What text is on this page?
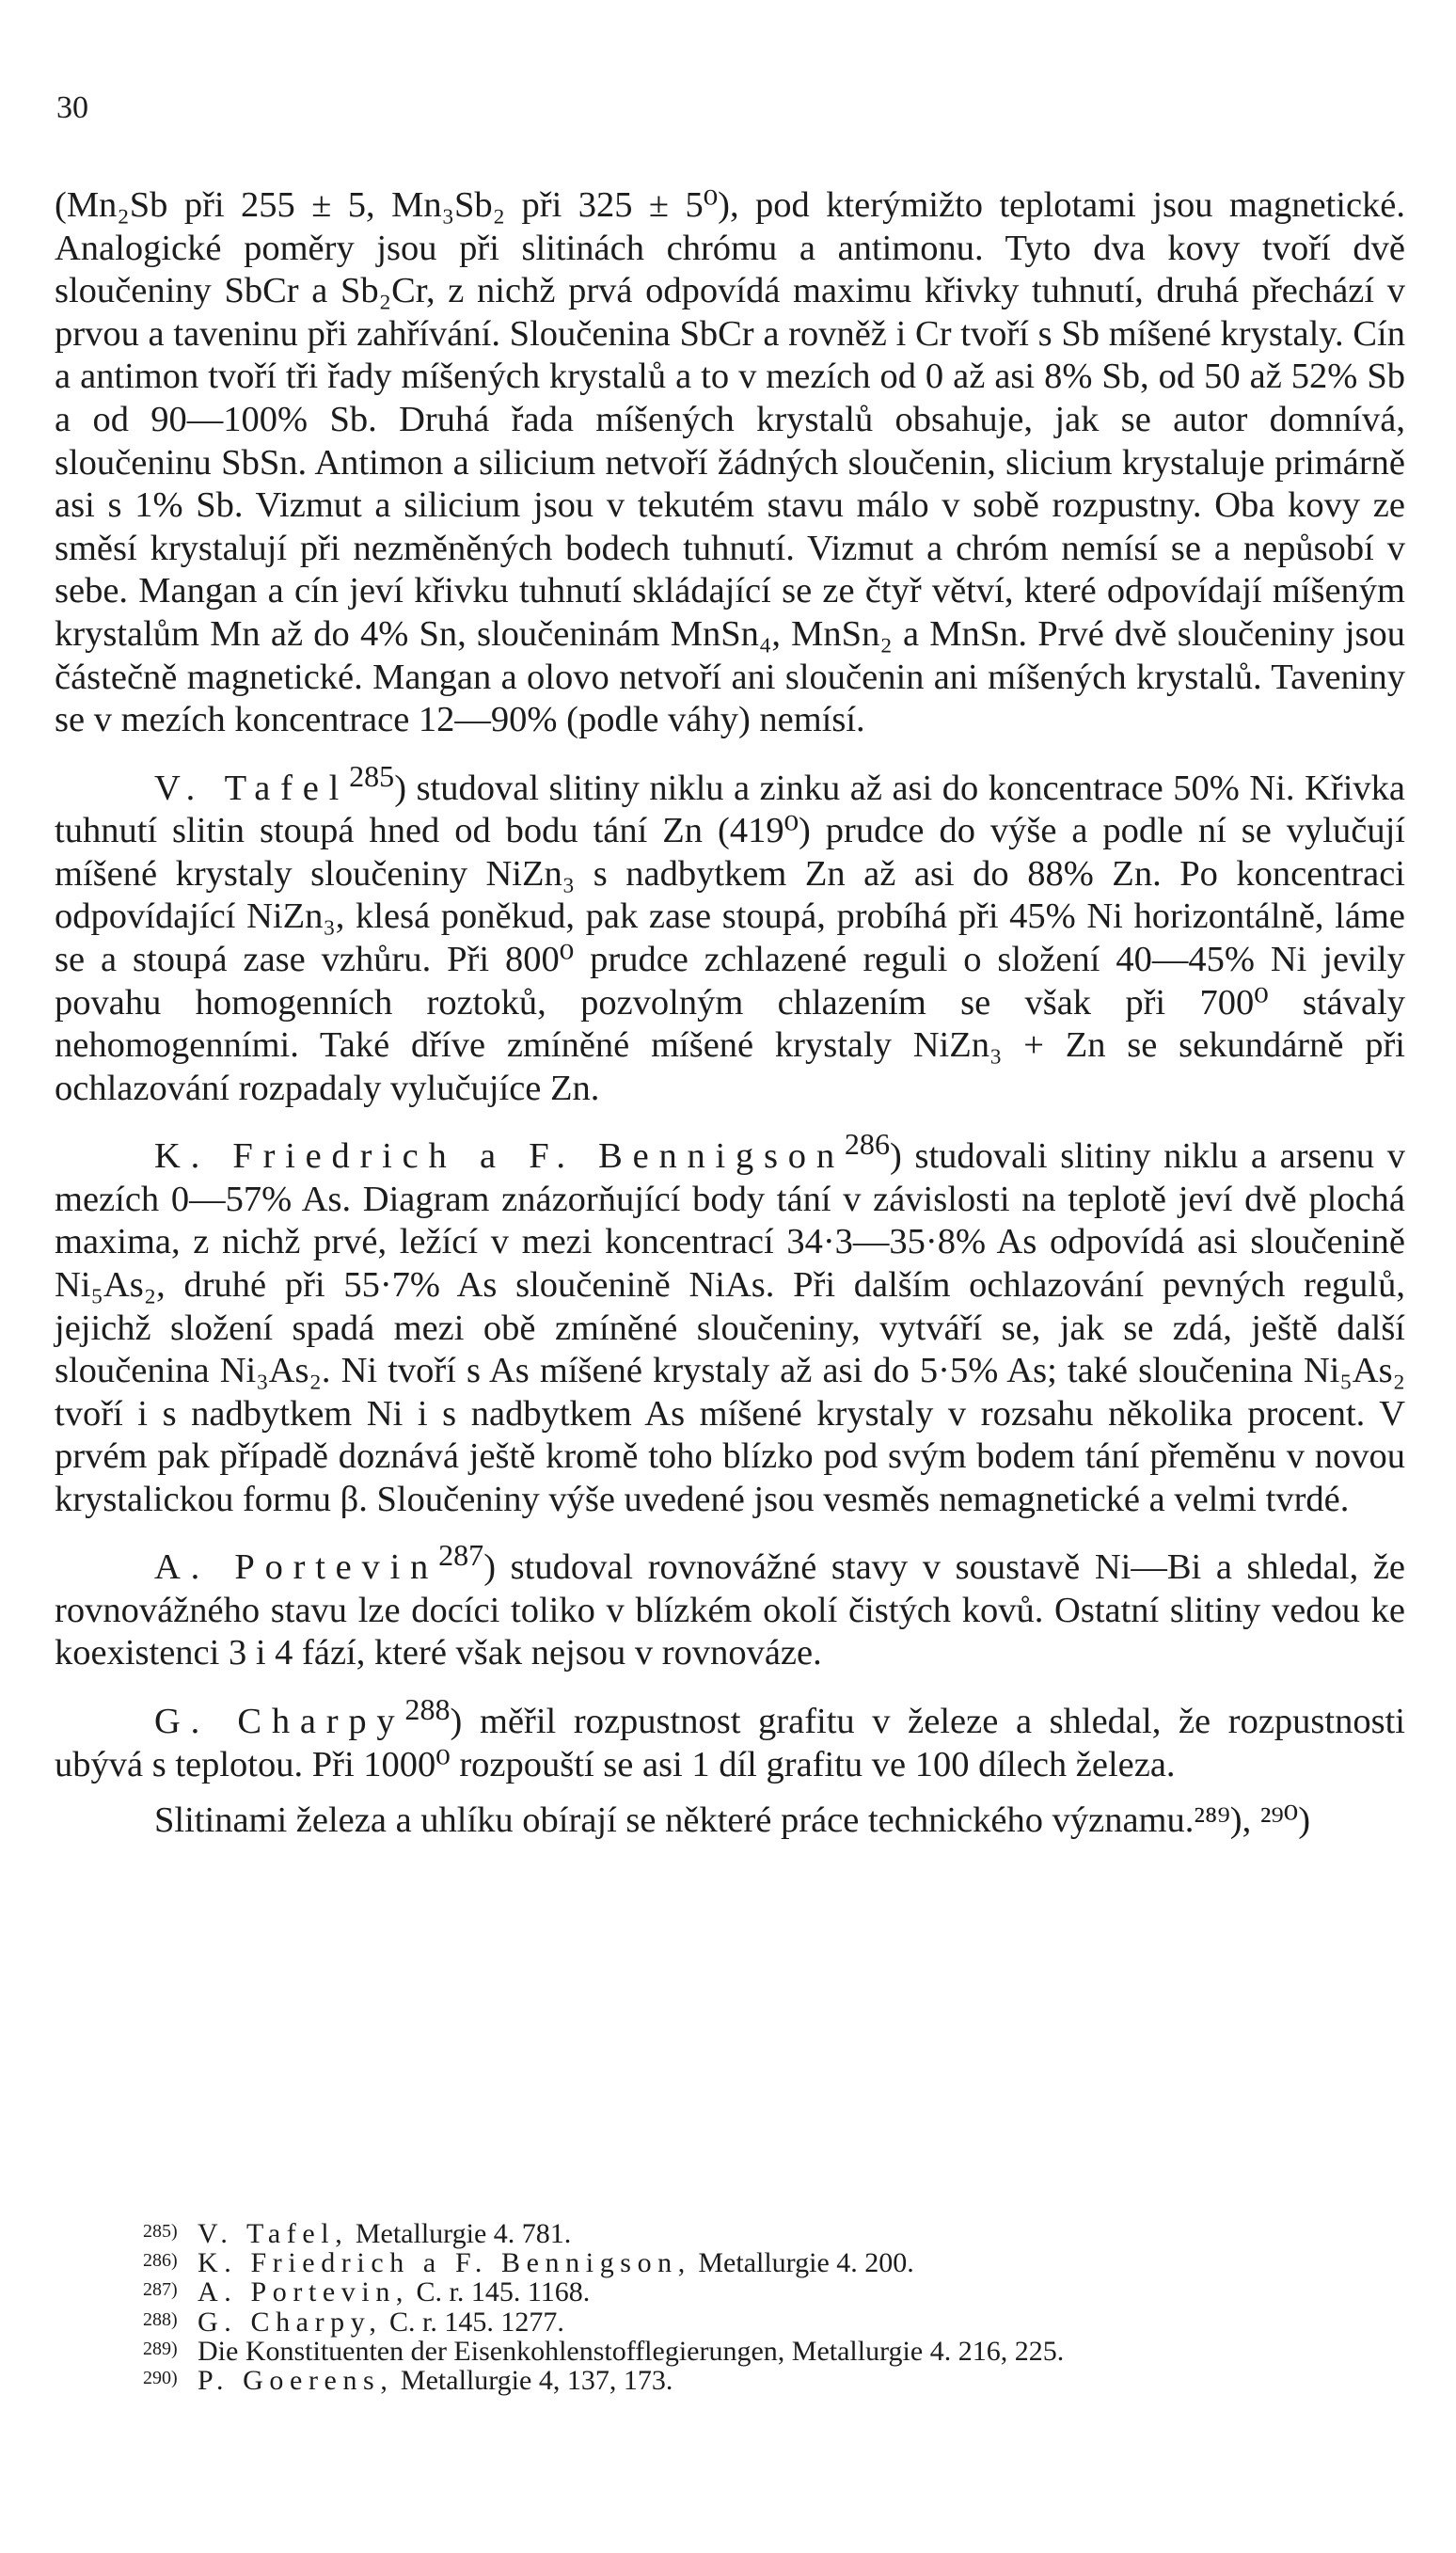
30

(Mn₂Sb při 255 ± 5, Mn₃Sb₂ při 325 ± 5⁰), pod kterýmižto teplotami jsou magnetické. Analogické poměry jsou při slitinách chrómu a antimonu. Tyto dva kovy tvoří dvě sloučeniny SbCr a Sb₂Cr, z nichž prvá odpovídá maximu křivky tuhnutí, druhá přechází v prvou a taveninu při zahřívání. Sloučenina SbCr a rovněž i Cr tvoří s Sb míšené krystaly. Cín a antimon tvoří tři řady míšených krystalů a to v mezích od 0 až asi 8% Sb, od 50 až 52% Sb a od 90—100% Sb. Druhá řada míšených krystalů obsahuje, jak se autor domnívá, sloučeninu SbSn. Antimon a silicium netvoří žádných sloučenin, slicium krystaluje primárně asi s 1% Sb. Vizmut a silicium jsou v tekutém stavu málo v sobě rozpustny. Oba kovy ze směsí krystalují při nezměněných bodech tuhnutí. Vizmut a chróm nemísí se a nepůsobí v sebe. Mangan a cín jeví křivku tuhnutí skládající se ze čtyř větví, které odpovídají míšeným krystalům Mn až do 4% Sn, sloučeninám MnSn₄, MnSn₂ a MnSn. Prvé dvě sloučeniny jsou částečně magnetické. Mangan a olovo netvoří ani sloučenin ani míšených krystalů. Taveniny se v mezích koncentrace 12—90% (podle váhy) nemísí.

V. Tafel$^{285}$) studoval slitiny niklu a zinku až asi do koncentrace 50% Ni. Křivka tuhnutí slitin stoupá hned od bodu tání Zn (419⁰) prudce do výše a podle ní se vylučují míšené krystaly sloučeniny NiZn₃ s nadbytkem Zn až asi do 88% Zn. Po koncentraci odpovídající NiZn₃, klesá poněkud, pak zase stoupá, probíhá při 45% Ni horizontálně, láme se a stoupá zase vzhůru. Při 800⁰ prudce zchlazené reguli o složení 40—45% Ni jevily povahu homogenních roztoků, pozvolným chlazením se však při 700⁰ stávaly nehomogenními. Také dříve zmíněné míšené krystaly NiZn₃ + Zn se sekundárně při ochlazování rozpadaly vylučujíce Zn.

K. Friedrich a F. Bennigson$^{286}$) studovali slitiny niklu a arsenu v mezích 0—57% As. Diagram znázorňující body tání v závislosti na teplotě jeví dvě plochá maxima, z nichž prvé, ležící v mezi koncentrací 34·3—35·8% As odpovídá asi sloučenině Ni₅As₂, druhé při 55·7% As sloučenině NiAs. Při dalším ochlazování pevných regulů, jejichž složení spadá mezi obě zmíněné sloučeniny, vytváří se, jak se zdá, ještě další sloučenina Ni₃As₂. Ni tvoří s As míšené krystaly až asi do 5·5% As; také sloučenina Ni₅As₂ tvoří i s nadbytkem Ni i s nadbytkem As míšené krystaly v rozsahu několika procent. V prvém pak případě doznává ještě kromě toho blízko pod svým bodem tání přeměnu v novou krystalickou formu β. Sloučeniny výše uvedené jsou vesměs nemagnetické a velmi tvrdé.

A. Portevin$^{287}$) studoval rovnovážné stavy v soustavě Ni—Bi a shledal, že rovnovážného stavu lze docíci toliko v blízkém okolí čistých kovů. Ostatní slitiny vedou ke koexistenci 3 i 4 fází, které však nejsou v rovnováze.

G. Charpy$^{288}$) měřil rozpustnost grafitu v železe a shledal, že rozpustnosti ubývá s teplotou. Při 1000⁰ rozpouští se asi 1 díl grafitu ve 100 dílech železa.

Slitinami železa a uhlíku obírají se některé práce technického významu.²⁸⁹), ²⁹⁰)

285) V. Tafel, Metallurgie 4. 781.
286) K. Friedrich a F. Bennigson, Metallurgie 4. 200.
287) A. Portevin, C. r. 145. 1168.
288) G. Charpy, C. r. 145. 1277.
289) Die Konstituenten der Eisenkohlenstofflegierungen, Metallurgie 4. 216, 225.
290) P. Goerens, Metallurgie 4, 137, 173.
